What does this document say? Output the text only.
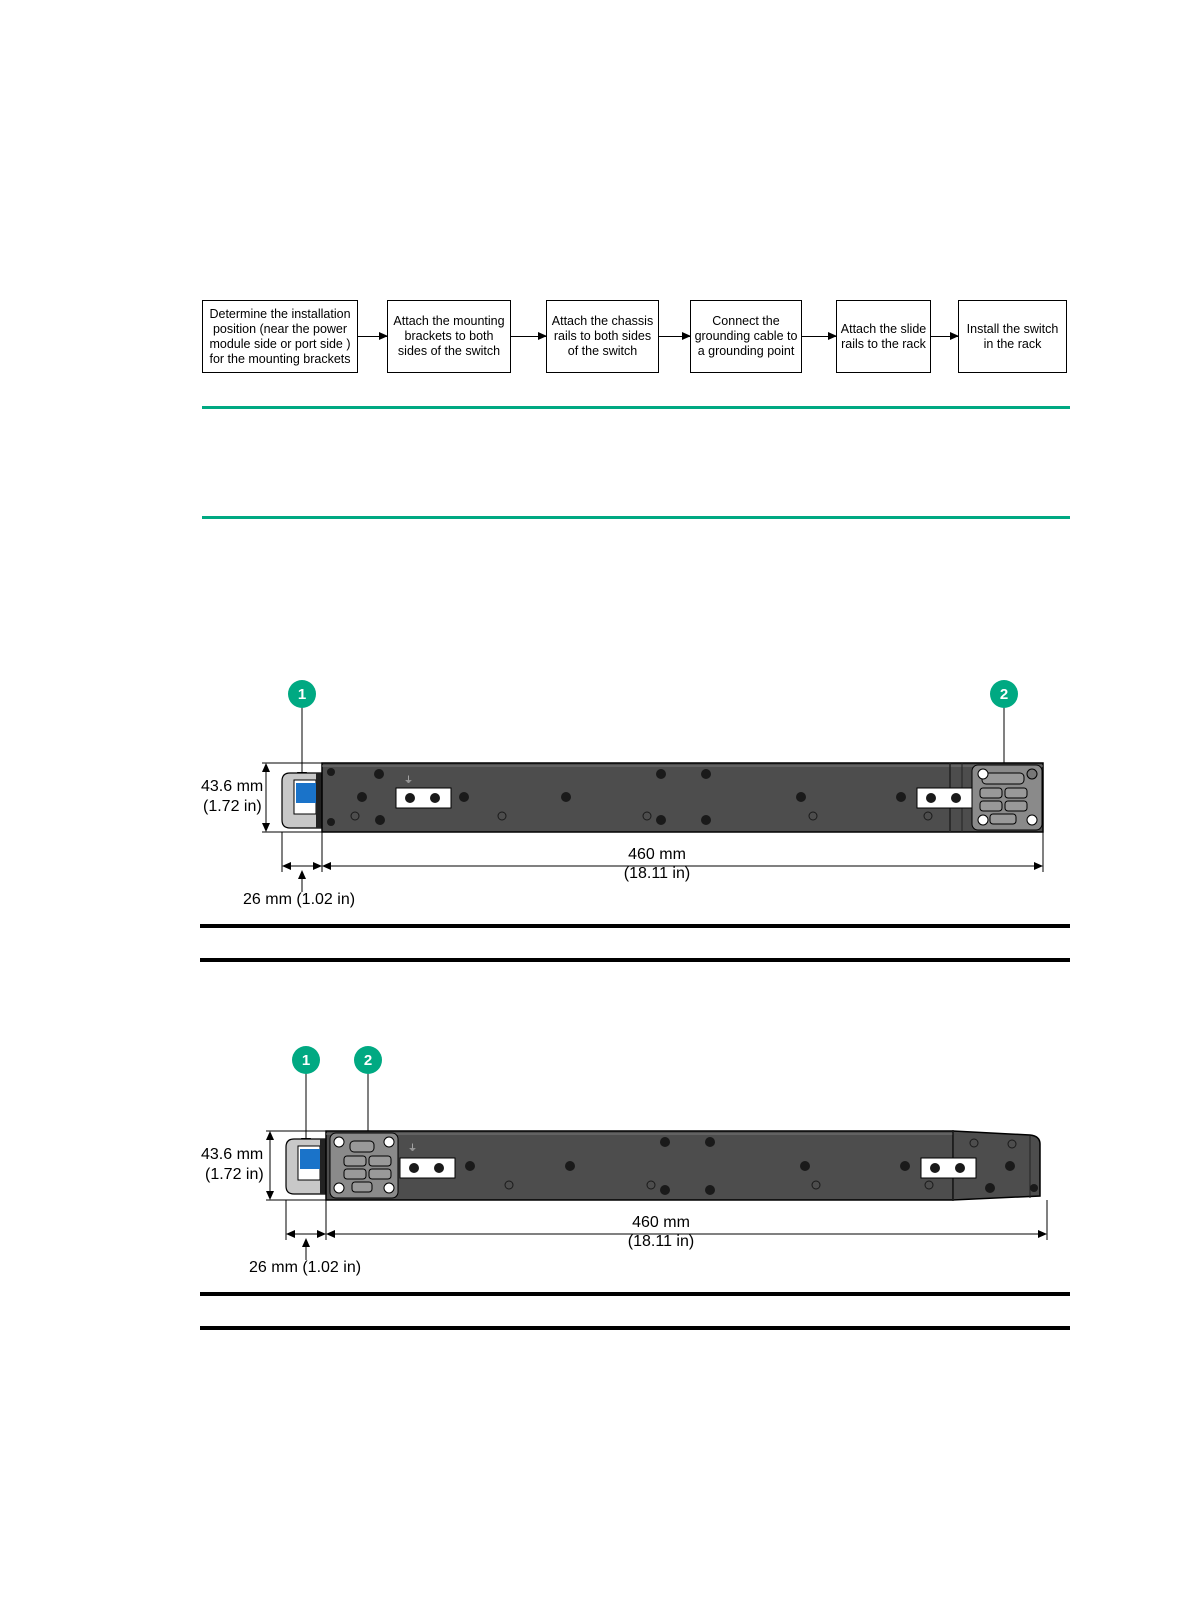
Determine the installation
position (near the power
module side or port side )
for the mounting brackets
Attach the mounting
brackets to both
sides of the switch
Attach the chassis
rails to both sides
of the switch
Connect the
grounding cable to
a grounding point
Attach the slide
rails to the rack
Install the switch
in the rack
1	2
⏚
43.6 mm
(1.72 in)
460 mm
(18.11 in)
26 mm (1.02 in)
1	2
⏚
43.6 mm
(1.72 in)
460 mm
(18.11 in)
26 mm (1.02 in)
